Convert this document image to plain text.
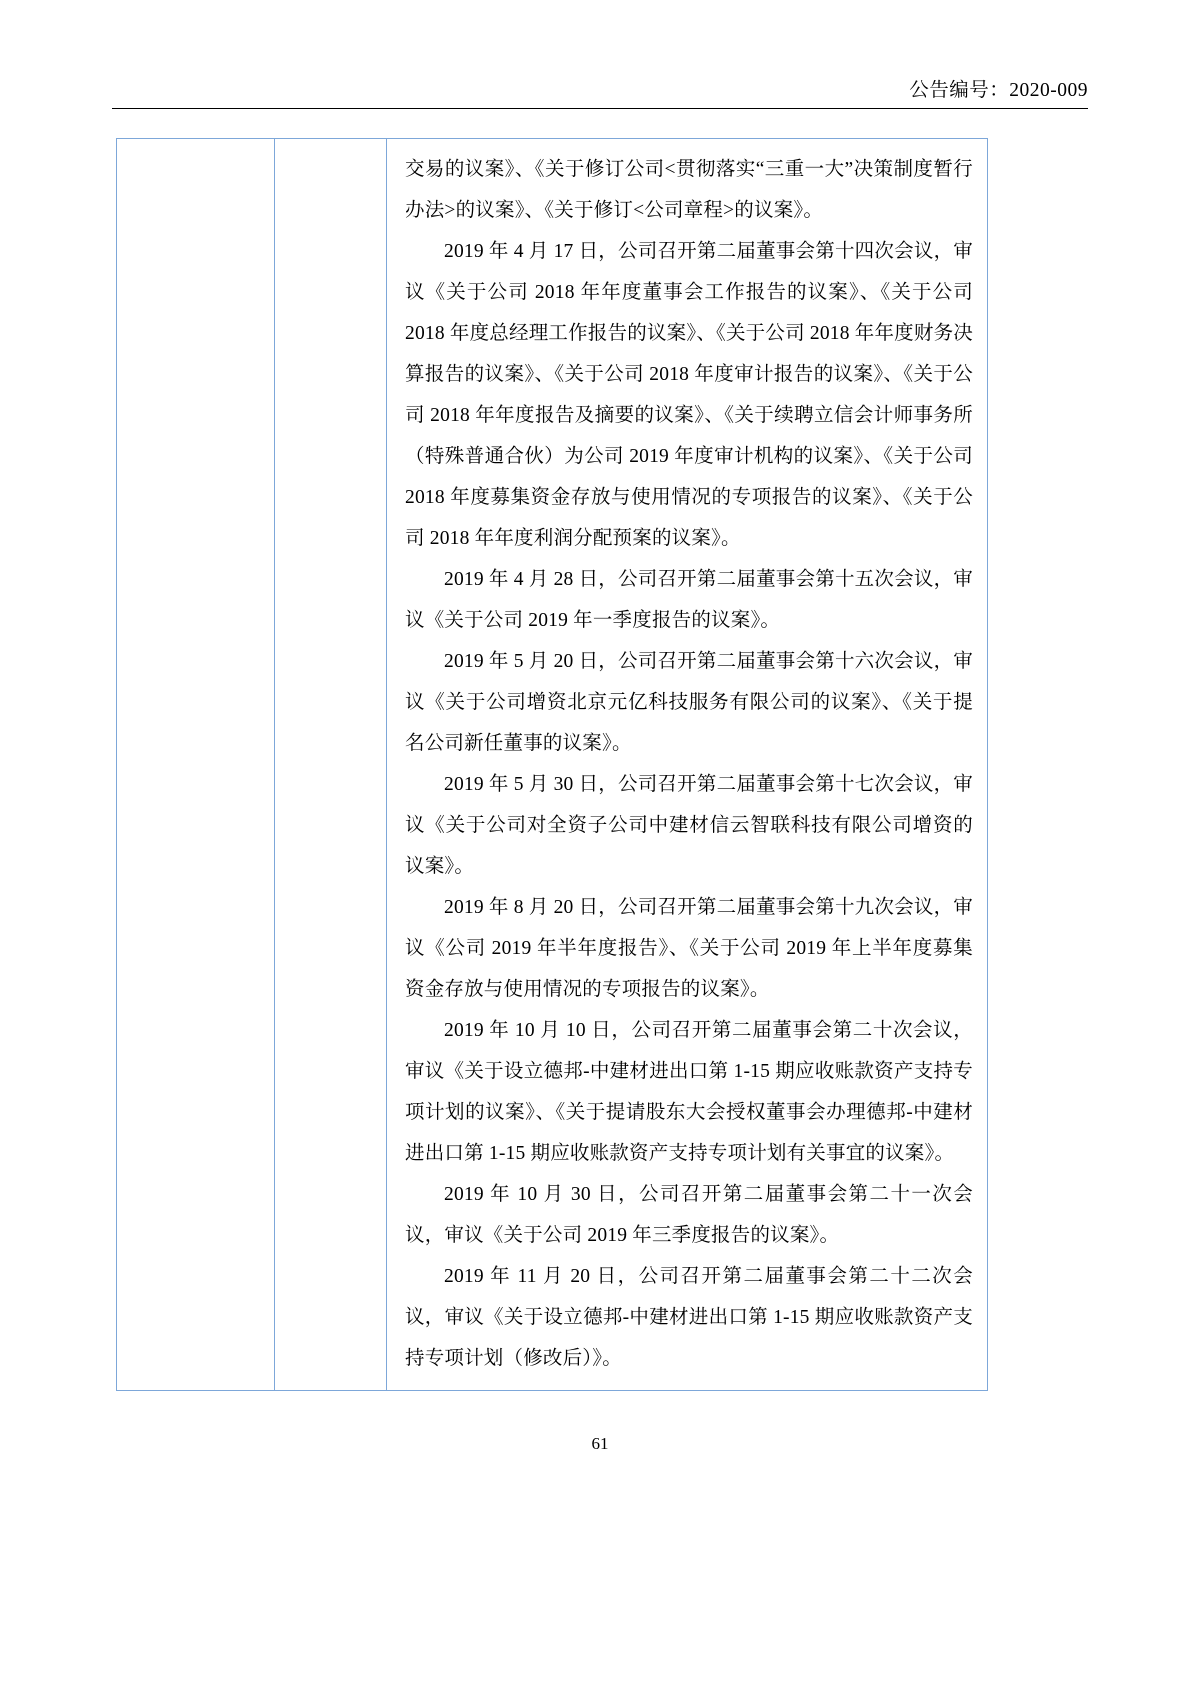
公告编号：2020-009

交易的议案》、《关于修订公司<贯彻落实“三重一大”决策制度暂行办法>的议案》、《关于修订<公司章程>的议案》。

2019 年 4 月 17 日，公司召开第二届董事会第十四次会议，审议《关于公司 2018 年年度董事会工作报告的议案》、《关于公司 2018 年度总经理工作报告的议案》、《关于公司 2018 年年度财务决算报告的议案》、《关于公司 2018 年度审计报告的议案》、《关于公司 2018 年年度报告及摘要的议案》、《关于续聘立信会计师事务所（特殊普通合伙）为公司 2019 年度审计机构的议案》、《关于公司 2018 年度募集资金存放与使用情况的专项报告的议案》、《关于公司 2018 年年度利润分配预案的议案》。

2019 年 4 月 28 日，公司召开第二届董事会第十五次会议，审议《关于公司 2019 年一季度报告的议案》。

2019 年 5 月 20 日，公司召开第二届董事会第十六次会议，审议《关于公司增资北京元亿科技服务有限公司的议案》、《关于提名公司新任董事的议案》。

2019 年 5 月 30 日，公司召开第二届董事会第十七次会议，审议《关于公司对全资子公司中建材信云智联科技有限公司增资的议案》。

2019 年 8 月 20 日，公司召开第二届董事会第十九次会议，审议《公司 2019 年半年度报告》、《关于公司 2019 年上半年度募集资金存放与使用情况的专项报告的议案》。

2019 年 10 月 10 日，公司召开第二届董事会第二十次会议，审议《关于设立德邦-中建材进出口第 1-15 期应收账款资产支持专项计划的议案》、《关于提请股东大会授权董事会办理德邦-中建材进出口第 1-15 期应收账款资产支持专项计划有关事宜的议案》。

2019 年 10 月 30 日，公司召开第二届董事会第二十一次会议，审议《关于公司 2019 年三季度报告的议案》。

2019 年 11 月 20 日，公司召开第二届董事会第二十二次会议，审议《关于设立德邦-中建材进出口第 1-15 期应收账款资产支持专项计划（修改后）》。

61
